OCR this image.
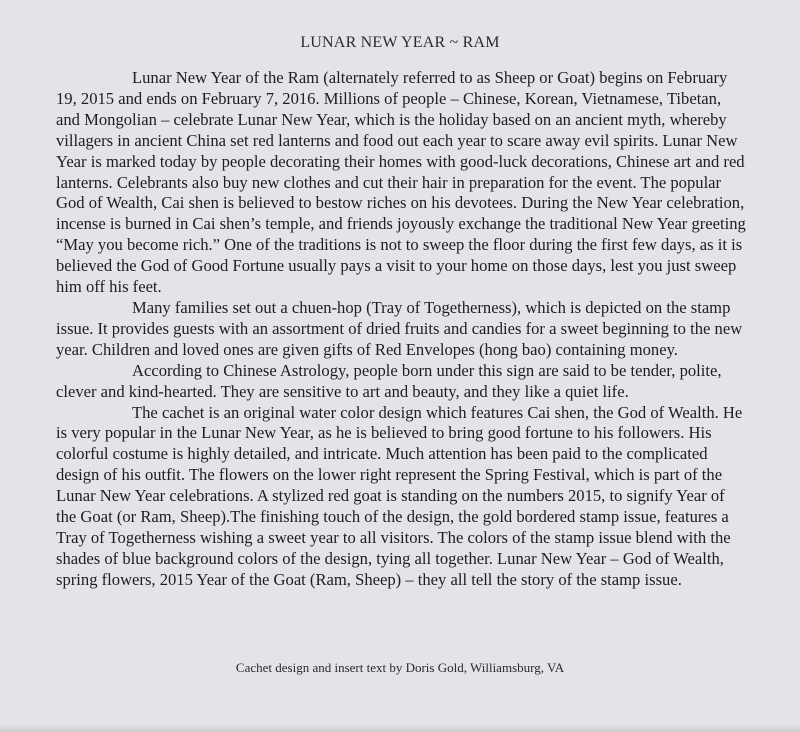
LUNAR NEW YEAR ~ RAM

Lunar New Year of the Ram (alternately referred to as Sheep or Goat) begins on February 19, 2015 and ends on February 7, 2016. Millions of people – Chinese, Korean, Vietnamese, Tibetan, and Mongolian – celebrate Lunar New Year, which is the holiday based on an ancient myth, whereby villagers in ancient China set red lanterns and food out each year to scare away evil spirits. Lunar New Year is marked today by people decorating their homes with good-luck decorations, Chinese art and red lanterns. Celebrants also buy new clothes and cut their hair in preparation for the event. The popular God of Wealth, Cai shen is believed to bestow riches on his devotees. During the New Year celebration, incense is burned in Cai shen’s temple, and friends joyously exchange the traditional New Year greeting “May you become rich.” One of the traditions is not to sweep the floor during the first few days, as it is believed the God of Good Fortune usually pays a visit to your home on those days, lest you just sweep him off his feet.

Many families set out a chuen-hop (Tray of Togetherness), which is depicted on the stamp issue. It provides guests with an assortment of dried fruits and candies for a sweet beginning to the new year. Children and loved ones are given gifts of Red Envelopes (hong bao) containing money.

According to Chinese Astrology, people born under this sign are said to be tender, polite, clever and kind-hearted. They are sensitive to art and beauty, and they like a quiet life.

The cachet is an original water color design which features Cai shen, the God of Wealth. He is very popular in the Lunar New Year, as he is believed to bring good fortune to his followers. His colorful costume is highly detailed, and intricate. Much attention has been paid to the complicated design of his outfit. The flowers on the lower right represent the Spring Festival, which is part of the Lunar New Year celebrations. A stylized red goat is standing on the numbers 2015, to signify Year of the Goat (or Ram, Sheep).The finishing touch of the design, the gold bordered stamp issue, features a Tray of Togetherness wishing a sweet year to all visitors. The colors of the stamp issue blend with the shades of blue background colors of the design, tying all together. Lunar New Year – God of Wealth, spring flowers, 2015 Year of the Goat (Ram, Sheep) – they all tell the story of the stamp issue.

Cachet design and insert text by Doris Gold, Williamsburg, VA
